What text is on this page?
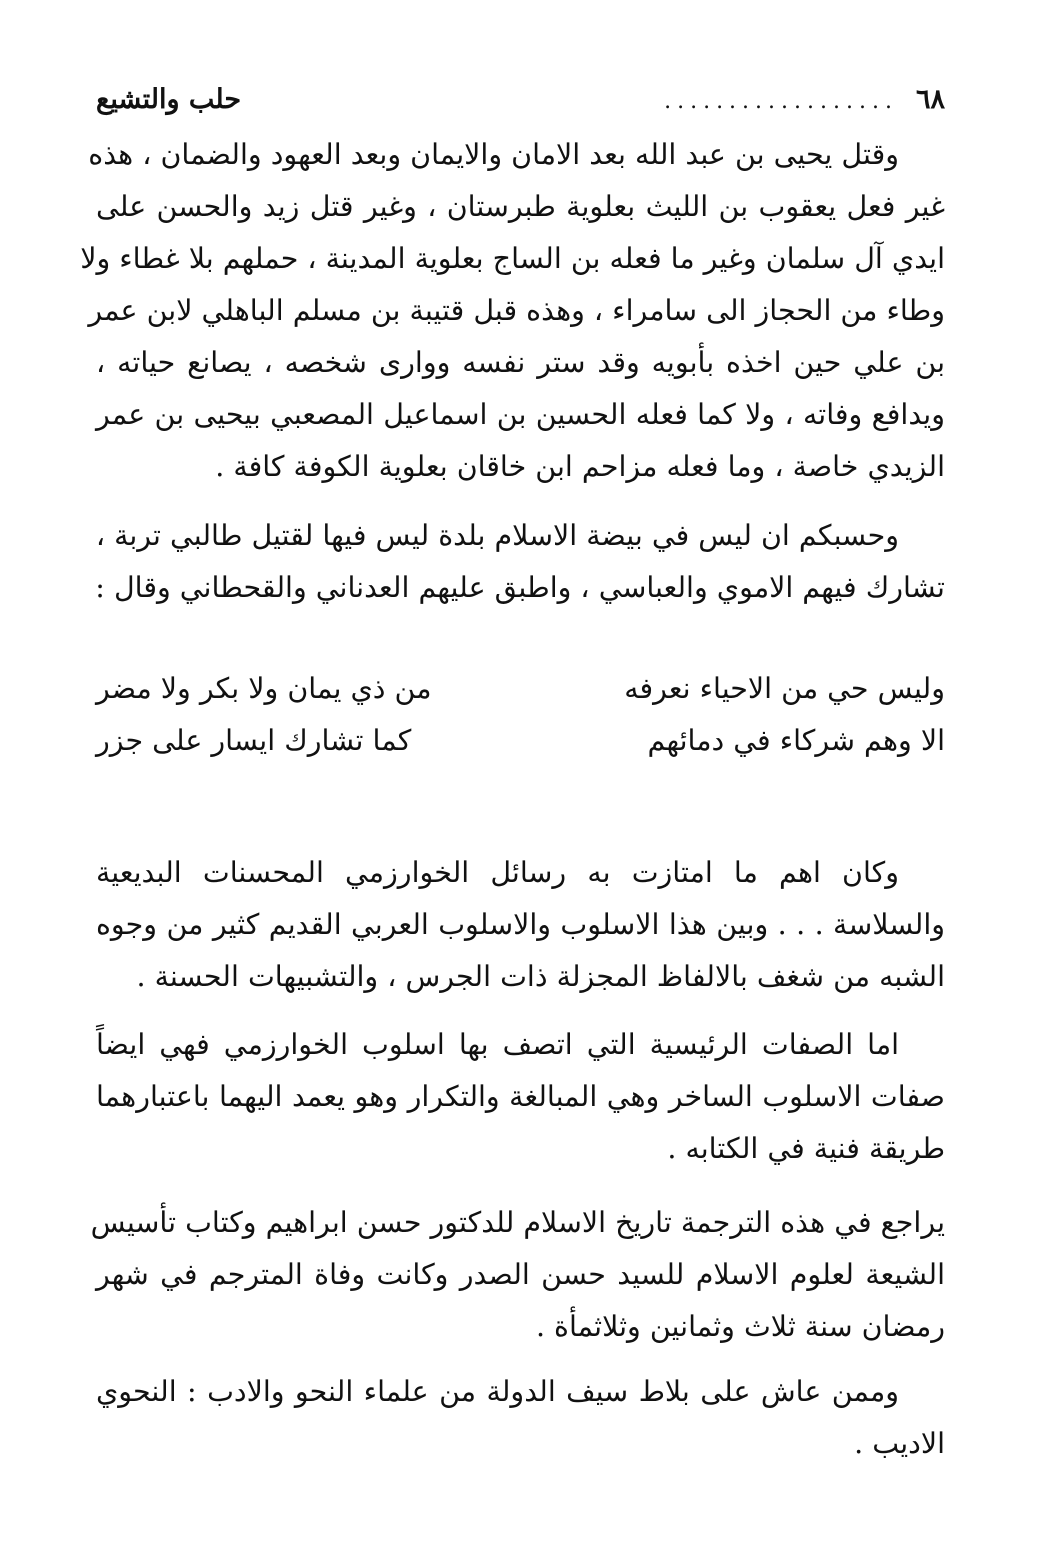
٦٨
..................
حلب والتشيع
وقتل يحيى بن عبد الله بعد الامان والايمان وبعد العهود والضمان ، هذه
غير فعل يعقوب بن الليث بعلوية طبرستان ، وغير قتل زيد والحسن على
ايدي آل سلمان وغير ما فعله بن الساج بعلوية المدينة ، حملهم بلا غطاء ولا
وطاء من الحجاز الى سامراء ، وهذه قبل قتيبة بن مسلم الباهلي لابن عمر
بن علي حين اخذه بأبويه وقد ستر نفسه ووارى شخصه ، يصانع حياته ،
ويدافع وفاته ، ولا كما فعله الحسين بن اسماعيل المصعبي بيحيى بن عمر
الزيدي خاصة ، وما فعله مزاحم ابن خاقان بعلوية الكوفة كافة .
وحسبكم ان ليس في بيضة الاسلام بلدة ليس فيها لقتيل طالبي تربة ،
تشارك فيهم الاموي والعباسي ، واطبق عليهم العدناني والقحطاني وقال :
وليس حي من الاحياء نعرفه
من ذي يمان ولا بكر ولا مضر
الا وهم شركاء في دمائهم
كما تشارك ايسار على جزر
وكان اهم ما امتازت به رسائل الخوارزمي المحسنات البديعية
والسلاسة . . . وبين هذا الاسلوب والاسلوب العربي القديم كثير من وجوه
الشبه من شغف بالالفاظ المجزلة ذات الجرس ، والتشبيهات الحسنة .
اما الصفات الرئيسية التي اتصف بها اسلوب الخوارزمي فهي ايضاً
صفات الاسلوب الساخر وهي المبالغة والتكرار وهو يعمد اليهما باعتبارهما
طريقة فنية في الكتابه .
يراجع في هذه الترجمة تاريخ الاسلام للدكتور حسن ابراهيم وكتاب تأسيس
الشيعة لعلوم الاسلام للسيد حسن الصدر وكانت وفاة المترجم في شهر
رمضان سنة ثلاث وثمانين وثلاثمأة .
وممن عاش على بلاط سيف الدولة من علماء النحو والادب : النحوي
الاديب .
